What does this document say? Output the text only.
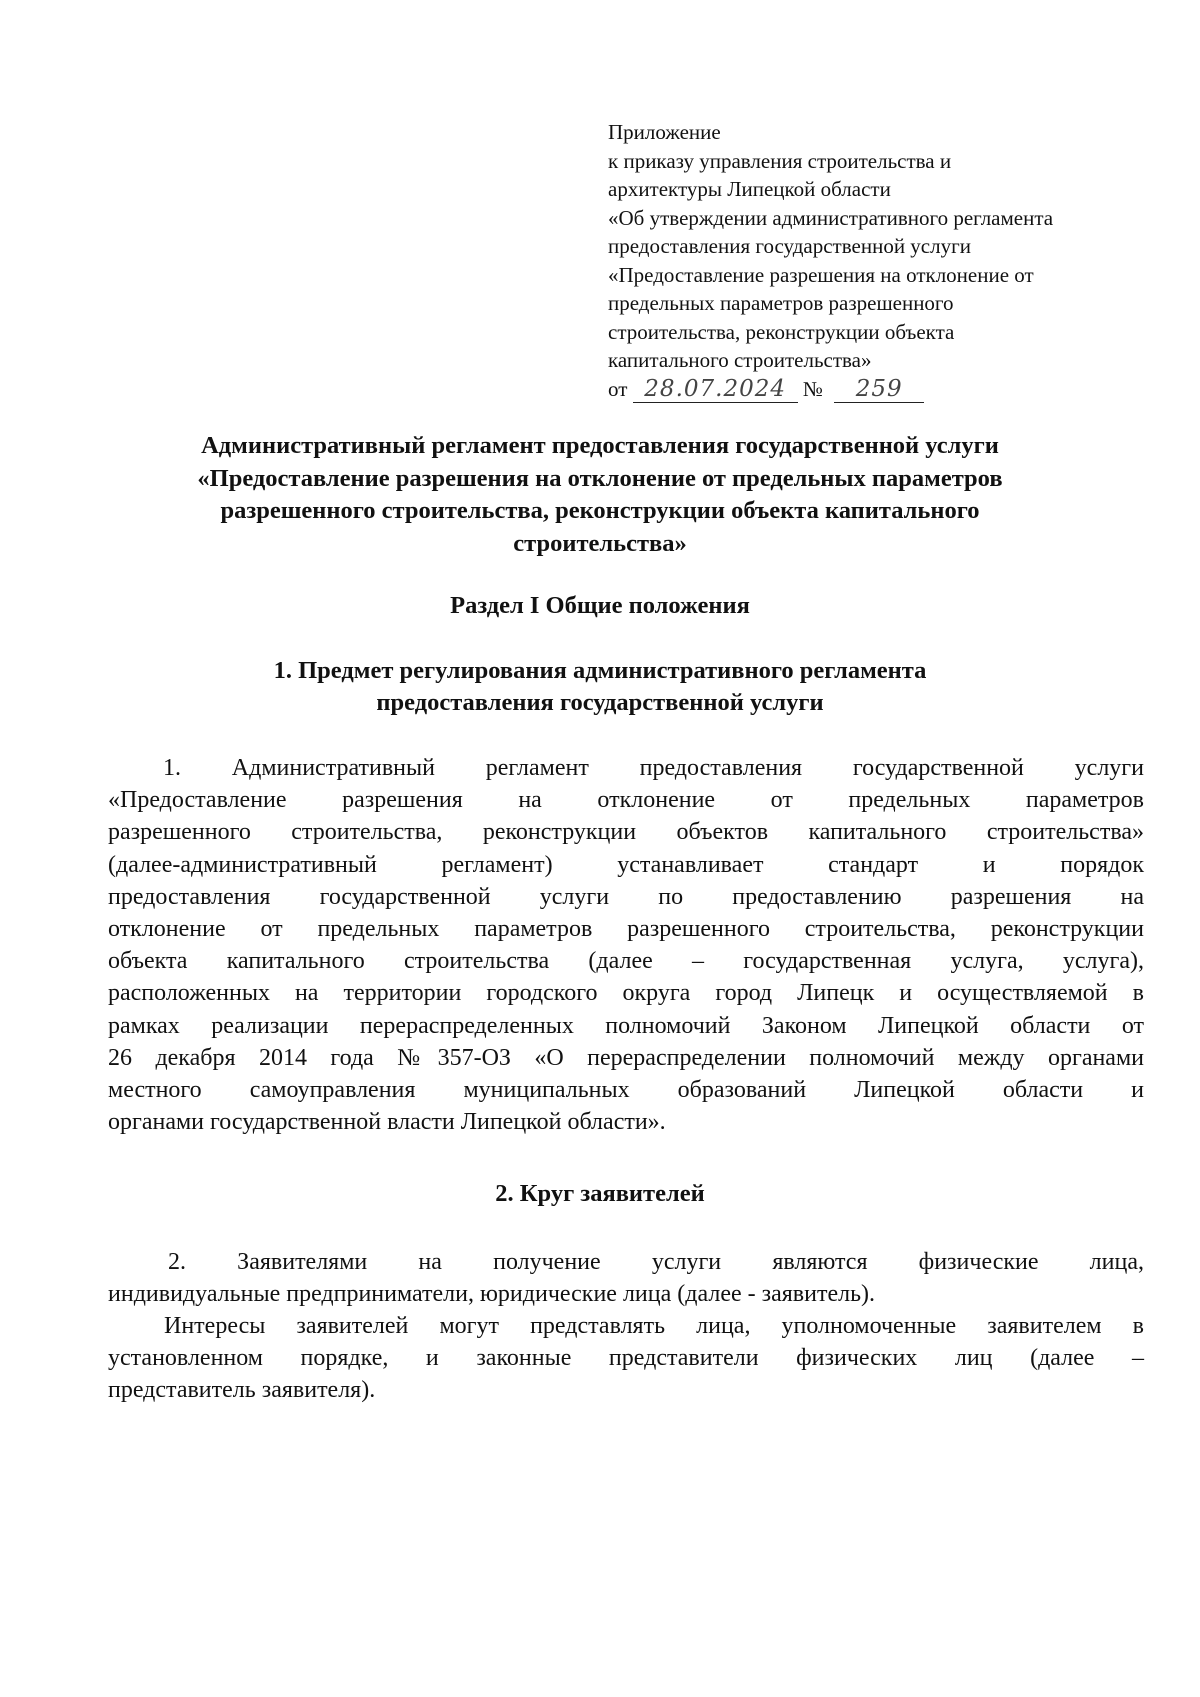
Приложение
к приказу управления строительства и
архитектуры Липецкой области
«Об утверждении административного регламента
предоставления государственной услуги
«Предоставление разрешения на отклонение от
предельных параметров разрешенного
строительства, реконструкции объекта
капитального строительства»
от 28.07.2024 № 259
Административный регламент предоставления государственной услуги
«Предоставление разрешения на отклонение от предельных параметров
разрешенного строительства, реконструкции объекта капитального
строительства»
Раздел I Общие положения
1. Предмет регулирования административного регламента
предоставления государственной услуги
1. Административный регламент предоставления государственной услуги
«Предоставление разрешения на отклонение от предельных параметров
разрешенного строительства, реконструкции объектов капитального строительства»
(далее-административный регламент) устанавливает стандарт и порядок
предоставления государственной услуги по предоставлению разрешения на
отклонение от предельных параметров разрешенного строительства, реконструкции
объекта капитального строительства (далее – государственная услуга, услуга),
расположенных на территории городского округа город Липецк и осуществляемой в
рамках реализации перераспределенных полномочий Законом Липецкой области от
26 декабря 2014 года №357-ОЗ «О перераспределении полномочий между органами
местного самоуправления муниципальных образований Липецкой области и
органами государственной власти Липецкой области».
2. Круг заявителей
2. Заявителями на получение услуги являются физические лица,
индивидуальные предприниматели, юридические лица (далее - заявитель).
Интересы заявителей могут представлять лица, уполномоченные заявителем в
установленном порядке, и законные представители физических лиц (далее –
представитель заявителя).
